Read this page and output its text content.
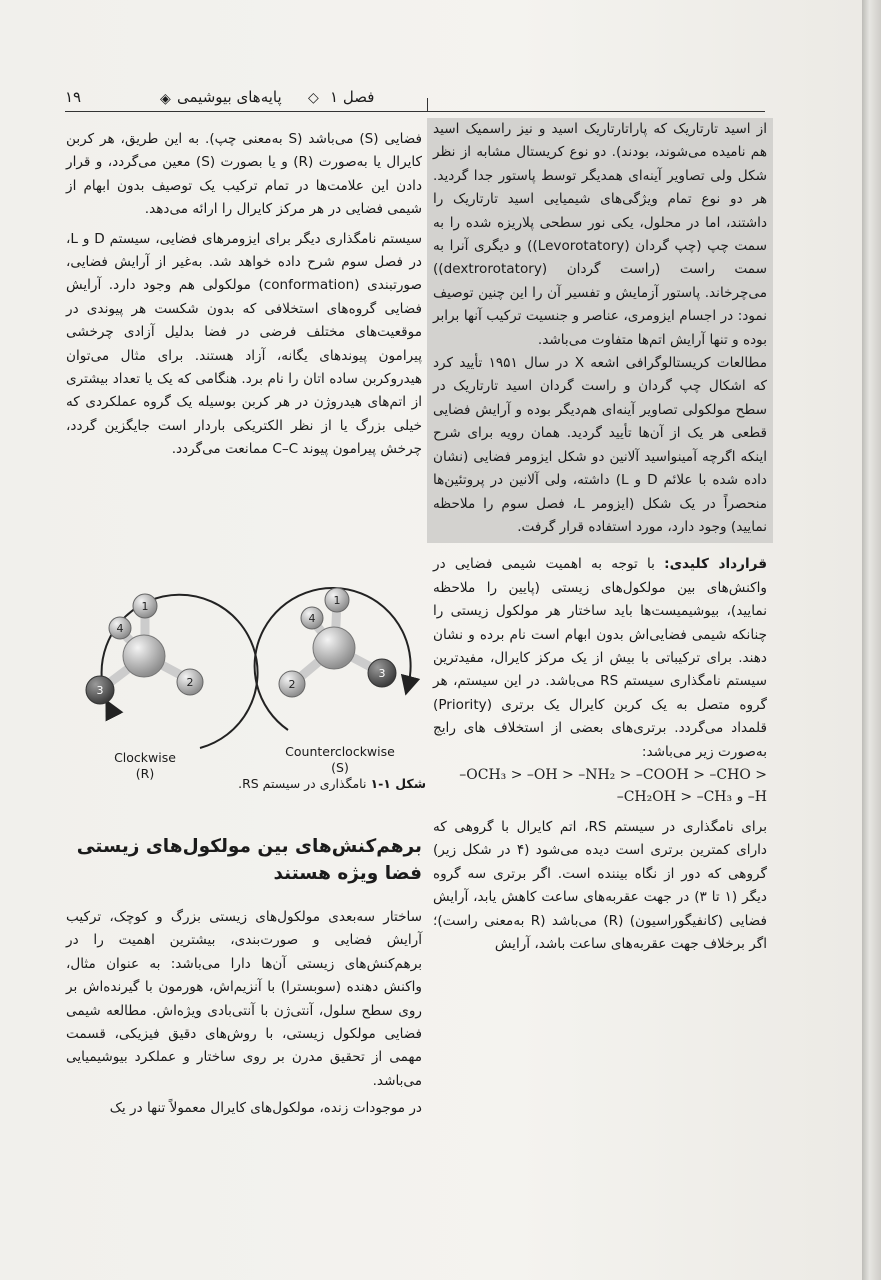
۱۹	◈ پایه‌های بیوشیمی ◇ فصل ۱

از اسید تارتاریک که پاراتارتاریک اسید و نیز راسمیک اسید هم نامیده می‌شوند، بودند). دو نوع کریستال مشابه از نظر شکل ولی تصاویر آینه‌ای همدیگر توسط پاستور جدا گردید. هر دو نوع تمام ویژگی‌های شیمیایی اسید تارتاریک را داشتند، اما در محلول، یکی نور سطحی پلاریزه شده را به سمت چپ (چپ گردان (Levorotatory)) و دیگری آنرا به سمت راست (راست گردان (dextrorotatory)) می‌چرخاند. پاستور آزمایش و تفسیر آن را این چنین توصیف نمود: در اجسام ایزومری، عناصر و جنسیت ترکیب آنها برابر بوده و تنها آرایش اتم‌ها متفاوت می‌باشد.

مطالعات کریستالوگرافی اشعه X در سال ۱۹۵۱ تأیید کرد که اشکال چپ گردان و راست گردان اسید تارتاریک در سطح مولکولی تصاویر آینه‌ای هم‌دیگر بوده و آرایش فضایی قطعی هر یک از آن‌ها تأیید گردید. همان رویه برای شرح اینکه اگرچه آمینواسید آلانین دو شکل ایزومر فضایی (نشان داده شده با علائم D و L) داشته، ولی آلانین در پروتئین‌ها منحصراً در یک شکل (ایزومر L، فصل سوم را ملاحظه نمایید) وجود دارد، مورد استفاده قرار گرفت.

قرارداد کلیدی: با توجه به اهمیت شیمی فضایی در واکنش‌های بین مولکول‌های زیستی (پایین را ملاحظه نمایید)، بیوشیمیست‌ها باید ساختار هر مولکول زیستی را چنانکه شیمی فضایی‌اش بدون ابهام است نام برده و نشان دهند. برای ترکیباتی با بیش از یک مرکز کایرال، مفیدترین سیستم نامگذاری سیستم RS می‌باشد. در این سیستم، هر گروه متصل به یک کربن کایرال یک برتری (Priority) قلمداد می‌گردد. برتری‌های بعضی از استخلاف های رایج به‌صورت زیر می‌باشد:

–OCH₃ > –OH > –NH₂ > –COOH > –CHO >
–CH₂OH > –CH₃ و –H

برای نامگذاری در سیستم RS، اتم کایرال با گروهی که دارای کمترین برتری است دیده می‌شود (۴ در شکل زیر) گروهی که دور از نگاه بیننده است. اگر برتری سه گروه دیگر (۱ تا ۳) در جهت عقربه‌های ساعت کاهش یابد، آرایش فضایی (کانفیگوراسیون) (R) می‌باشد (R به‌معنی راست)؛ اگر برخلاف جهت عقربه‌های ساعت باشد، آرایش

فضایی (S) می‌باشد (S به‌معنی چپ). به این طریق، هر کربن کایرال یا به‌صورت (R) و یا بصورت (S) معین می‌گردد، و قرار دادن این علامت‌ها در تمام ترکیب یک توصیف بدون ابهام از شیمی فضایی در هر مرکز کایرال را ارائه می‌دهد.

سیستم نامگذاری دیگر برای ایزومرهای فضایی، سیستم D و L، در فصل سوم شرح داده خواهد شد. به‌غیر از آرایش فضایی، صورتبندی (conformation) مولکولی هم وجود دارد. آرایش فضایی گروه‌های استخلافی که بدون شکست هر پیوندی در موقعیت‌های مختلف فرضی در فضا بدلیل آزادی چرخشی پیرامون پیوندهای یگانه، آزاد هستند. برای مثال می‌توان هیدروکربن ساده اتان را نام برد. هنگامی که یک یا تعداد بیشتری از اتم‌های هیدروژن در هر کربن بوسیله یک گروه عملکردی که خیلی بزرگ یا از نظر الکتریکی باردار است جایگزین گردد، چرخش پیرامون پیوند C–C ممانعت می‌گردد.

4
1
2
3
4
1
2
3
Clockwise
(R)
Counterclockwise
(S)
شکل ۱-۱ نامگذاری در سیستم RS.
برهم‌کنش‌های بین مولکول‌های زیستی فضا ویژه هستند

ساختار سه‌بعدی مولکول‌های زیستی بزرگ و کوچک، ترکیب آرایش فضایی و صورت‌بندی، بیشترین اهمیت را در برهم‌کنش‌های زیستی آن‌ها دارا می‌باشد: به عنوان مثال، واکنش دهنده (سوبسترا) با آنزیم‌اش، هورمون با گیرنده‌اش بر روی سطح سلول، آنتی‌ژن با آنتی‌بادی ویژه‌اش. مطالعه شیمی فضایی مولکول زیستی، با روش‌های دقیق فیزیکی، قسمت مهمی از تحقیق مدرن بر روی ساختار و عملکرد بیوشیمیایی می‌باشد.

در موجودات زنده، مولکول‌های کایرال معمولاً تنها در یک
